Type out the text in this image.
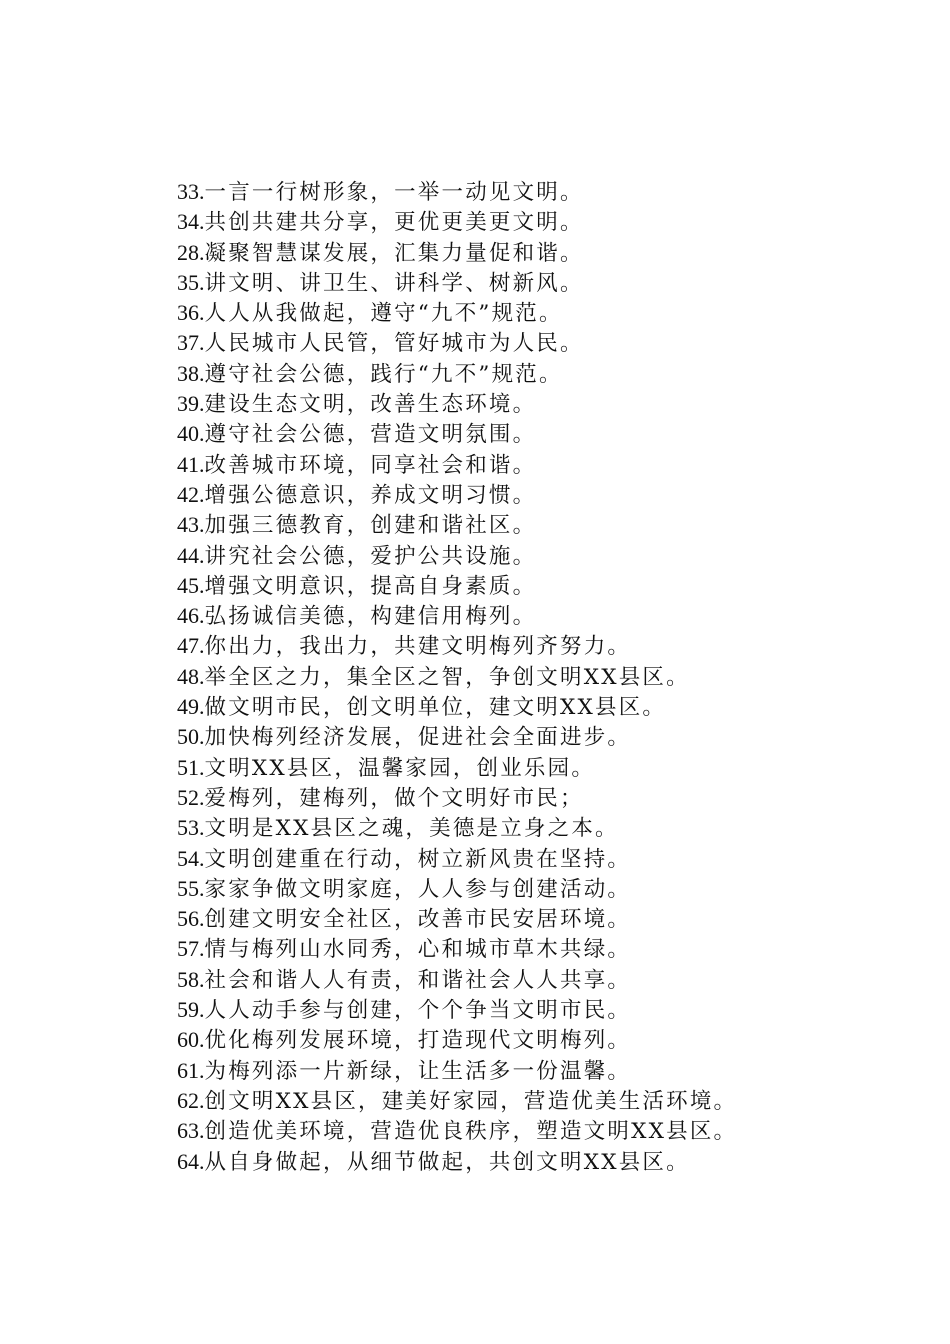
33.一言一行树形象，一举一动见文明。
34.共创共建共分享，更优更美更文明。
28.凝聚智慧谋发展，汇集力量促和谐。
35.讲文明、讲卫生、讲科学、树新风。
36.人人从我做起，遵守“九不”规范。
37.人民城市人民管，管好城市为人民。
38.遵守社会公德，践行“九不”规范。
39.建设生态文明，改善生态环境。
40.遵守社会公德，营造文明氛围。
41.改善城市环境，同享社会和谐。
42.增强公德意识，养成文明习惯。
43.加强三德教育，创建和谐社区。
44.讲究社会公德，爱护公共设施。
45.增强文明意识，提高自身素质。
46.弘扬诚信美德，构建信用梅列。
47.你出力，我出力，共建文明梅列齐努力。
48.举全区之力，集全区之智，争创文明XX县区。
49.做文明市民，创文明单位，建文明XX县区。
50.加快梅列经济发展，促进社会全面进步。
51.文明XX县区，温馨家园，创业乐园。
52.爱梅列，建梅列，做个文明好市民；
53.文明是XX县区之魂，美德是立身之本。
54.文明创建重在行动，树立新风贵在坚持。
55.家家争做文明家庭，人人参与创建活动。
56.创建文明安全社区，改善市民安居环境。
57.情与梅列山水同秀，心和城市草木共绿。
58.社会和谐人人有责，和谐社会人人共享。
59.人人动手参与创建，个个争当文明市民。
60.优化梅列发展环境，打造现代文明梅列。
61.为梅列添一片新绿，让生活多一份温馨。
62.创文明XX县区，建美好家园，营造优美生活环境。
63.创造优美环境，营造优良秩序，塑造文明XX县区。
64.从自身做起，从细节做起，共创文明XX县区。
